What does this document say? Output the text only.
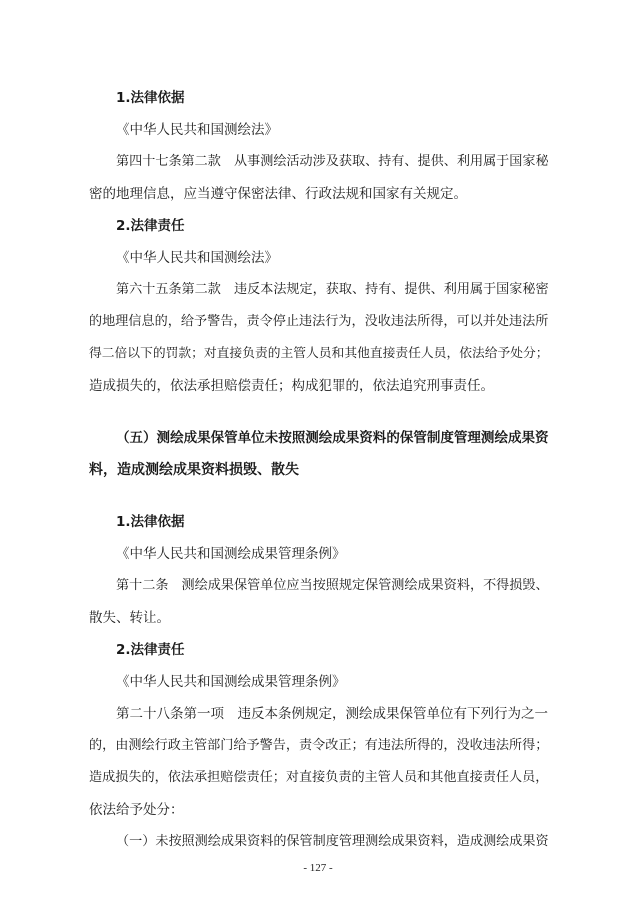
1.法律依据
《中华人民共和国测绘法》
第四十七条第二款　从事测绘活动涉及获取、持有、提供、利用属于国家秘
密的地理信息，应当遵守保密法律、行政法规和国家有关规定。
2.法律责任
《中华人民共和国测绘法》
第六十五条第二款　违反本法规定，获取、持有、提供、利用属于国家秘密
的地理信息的，给予警告，责令停止违法行为，没收违法所得，可以并处违法所
得二倍以下的罚款；对直接负责的主管人员和其他直接责任人员，依法给予处分；
造成损失的，依法承担赔偿责任；构成犯罪的，依法追究刑事责任。
（五）测绘成果保管单位未按照测绘成果资料的保管制度管理测绘成果资
料，造成测绘成果资料损毁、散失
1.法律依据
《中华人民共和国测绘成果管理条例》
第十二条　测绘成果保管单位应当按照规定保管测绘成果资料，不得损毁、
散失、转让。
2.法律责任
《中华人民共和国测绘成果管理条例》
第二十八条第一项　违反本条例规定，测绘成果保管单位有下列行为之一
的，由测绘行政主管部门给予警告，责令改正；有违法所得的，没收违法所得；
造成损失的，依法承担赔偿责任；对直接负责的主管人员和其他直接责任人员，
依法给予处分：
（一）未按照测绘成果资料的保管制度管理测绘成果资料，造成测绘成果资
- 127 -
